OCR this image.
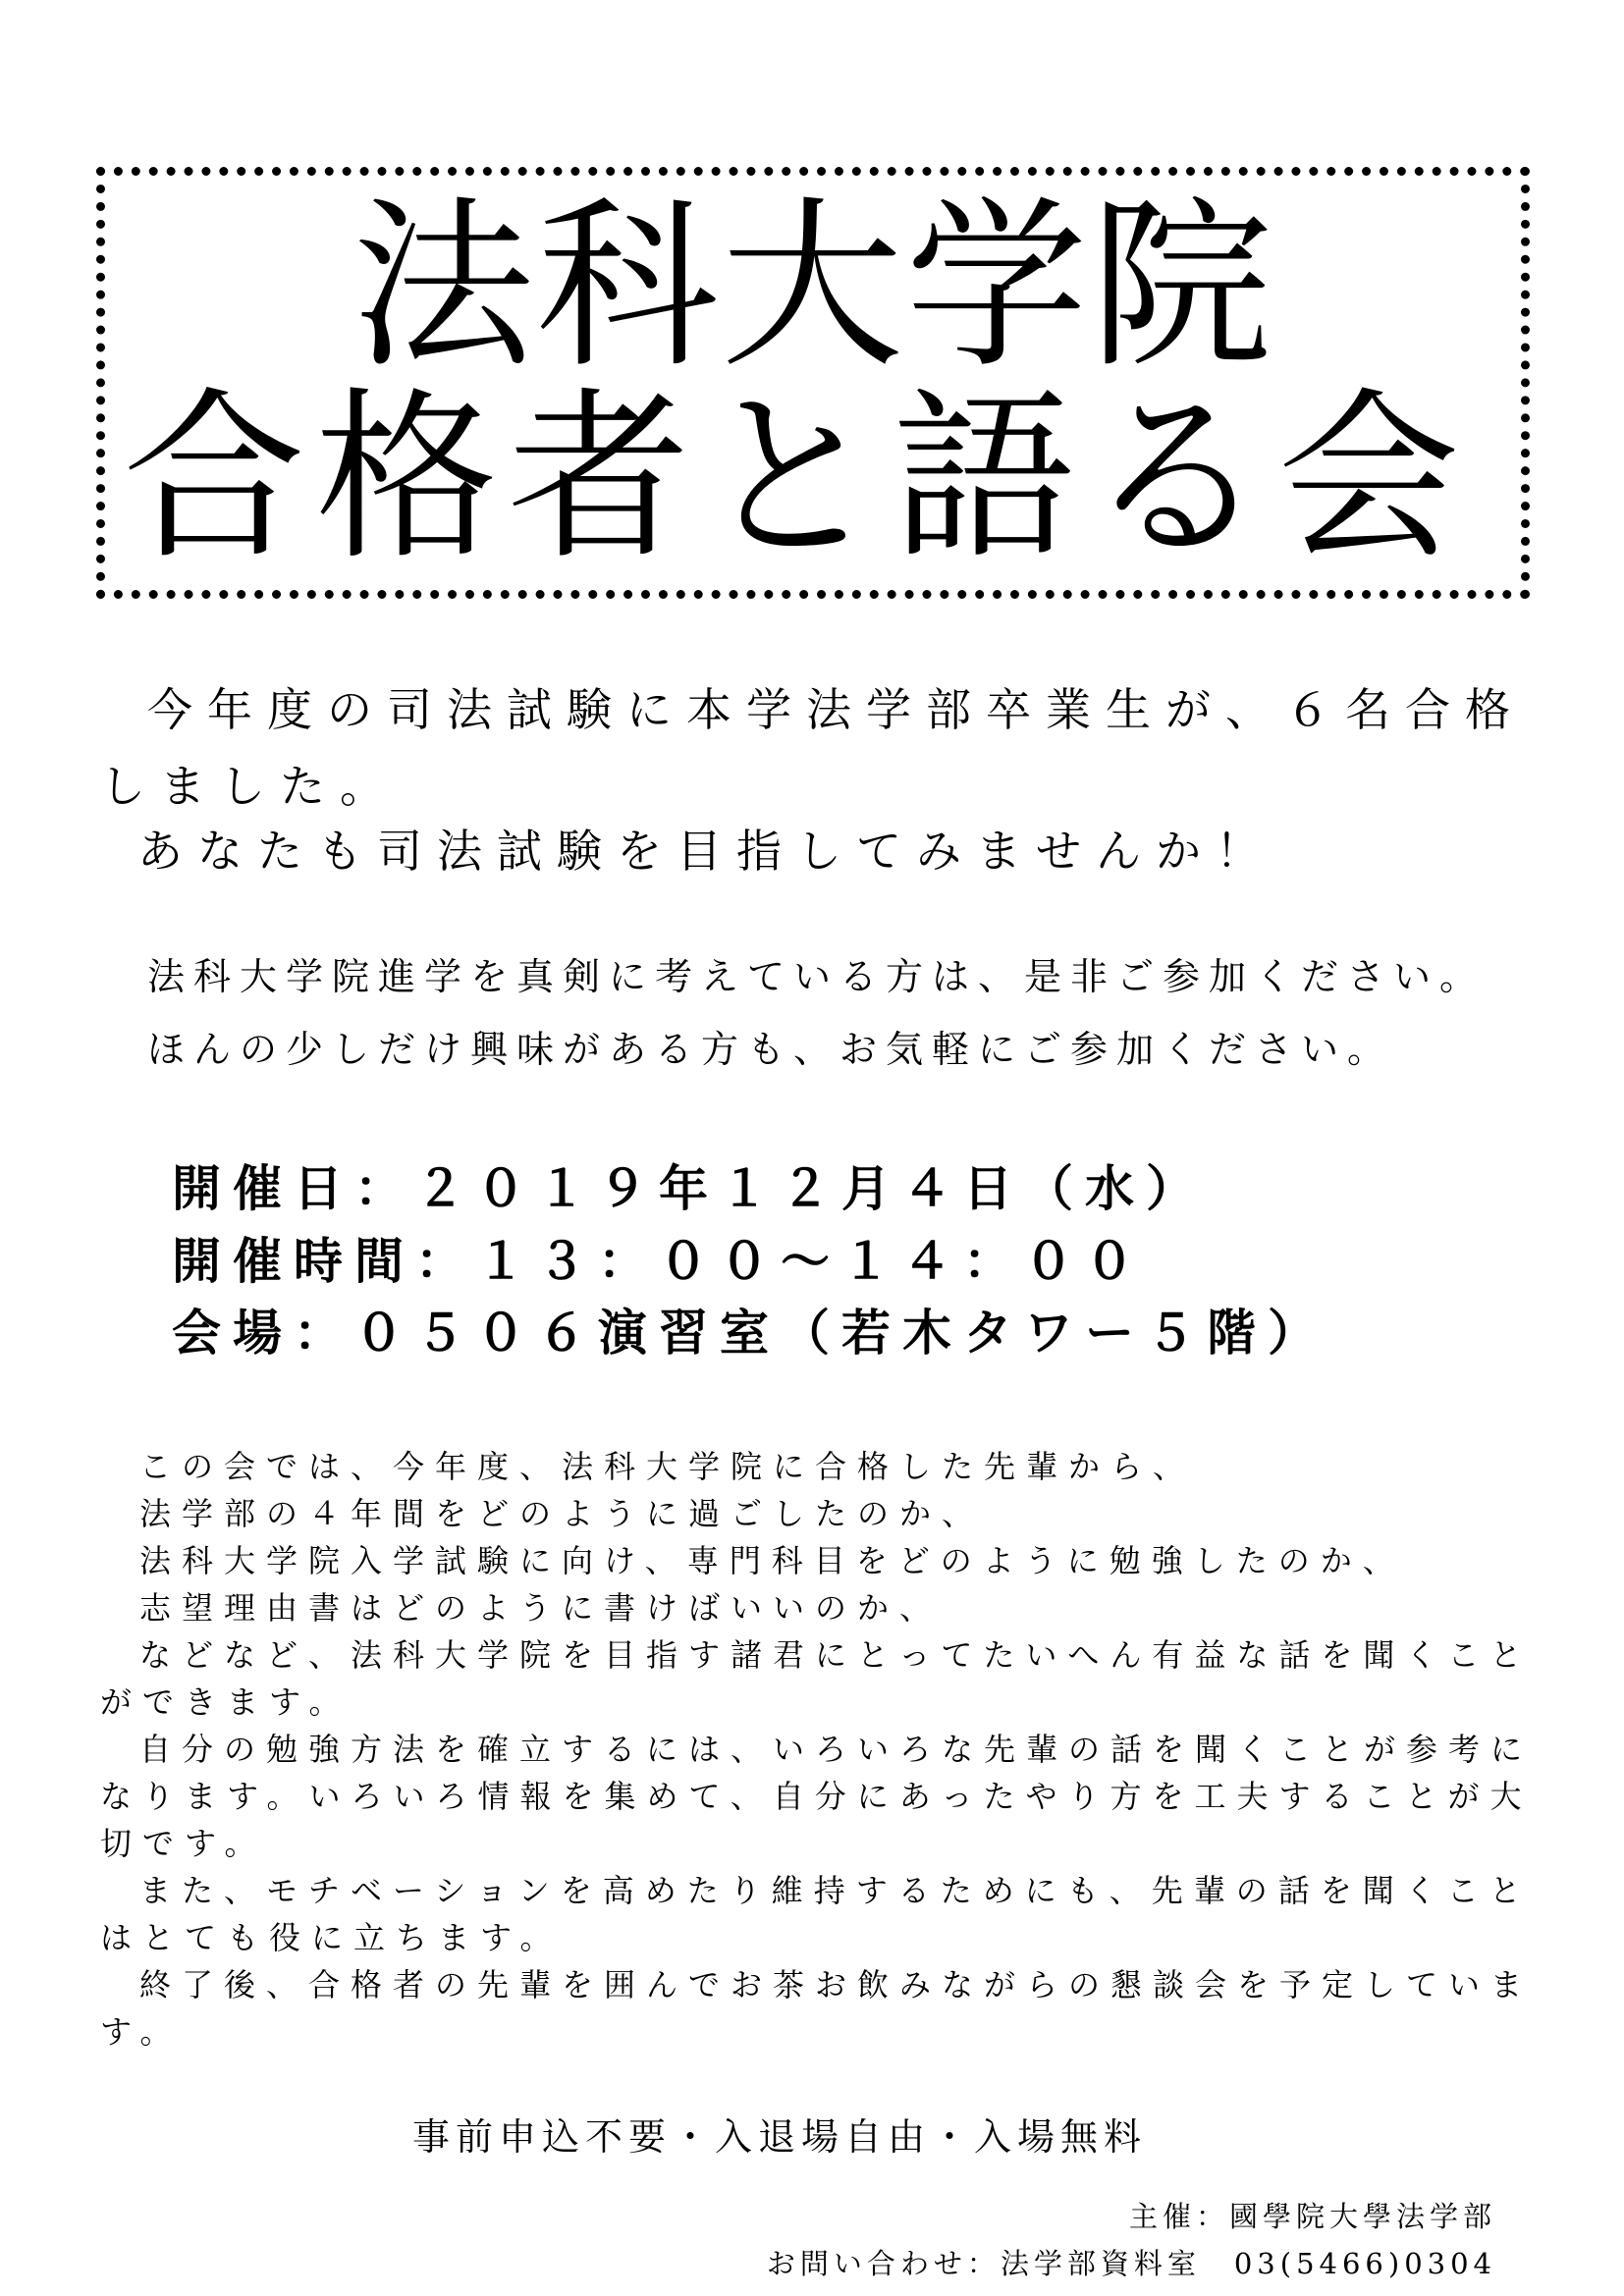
法科大学院
合格者と語る会
今年度の司法試験に本学法学部卒業生が、６名合格
しました。
あなたも司法試験を目指してみませんか！
法科大学院進学を真剣に考えている方は、是非ご参加ください。
ほんの少しだけ興味がある方も、お気軽にご参加ください。
開催日：２０１９年１２月４日（水）
開催時間：１３：００～１４：００
会場：０５０６演習室（若木タワー５階）
この会では、今年度、法科大学院に合格した先輩から、
法学部の４年間をどのように過ごしたのか、
法科大学院入学試験に向け、専門科目をどのように勉強したのか、
志望理由書はどのように書けばいいのか、
などなど、法科大学院を目指す諸君にとってたいへん有益な話を聞くこと
ができます。
自分の勉強方法を確立するには、いろいろな先輩の話を聞くことが参考に
なります。いろいろ情報を集めて、自分にあったやり方を工夫することが大
切です。
また、モチベーションを高めたり維持するためにも、先輩の話を聞くこと
はとても役に立ちます。
終了後、合格者の先輩を囲んでお茶お飲みながらの懇談会を予定していま
す。
事前申込不要・入退場自由・入場無料
主催：國學院大學法学部
お問い合わせ：法学部資料室　03(5466)0304
